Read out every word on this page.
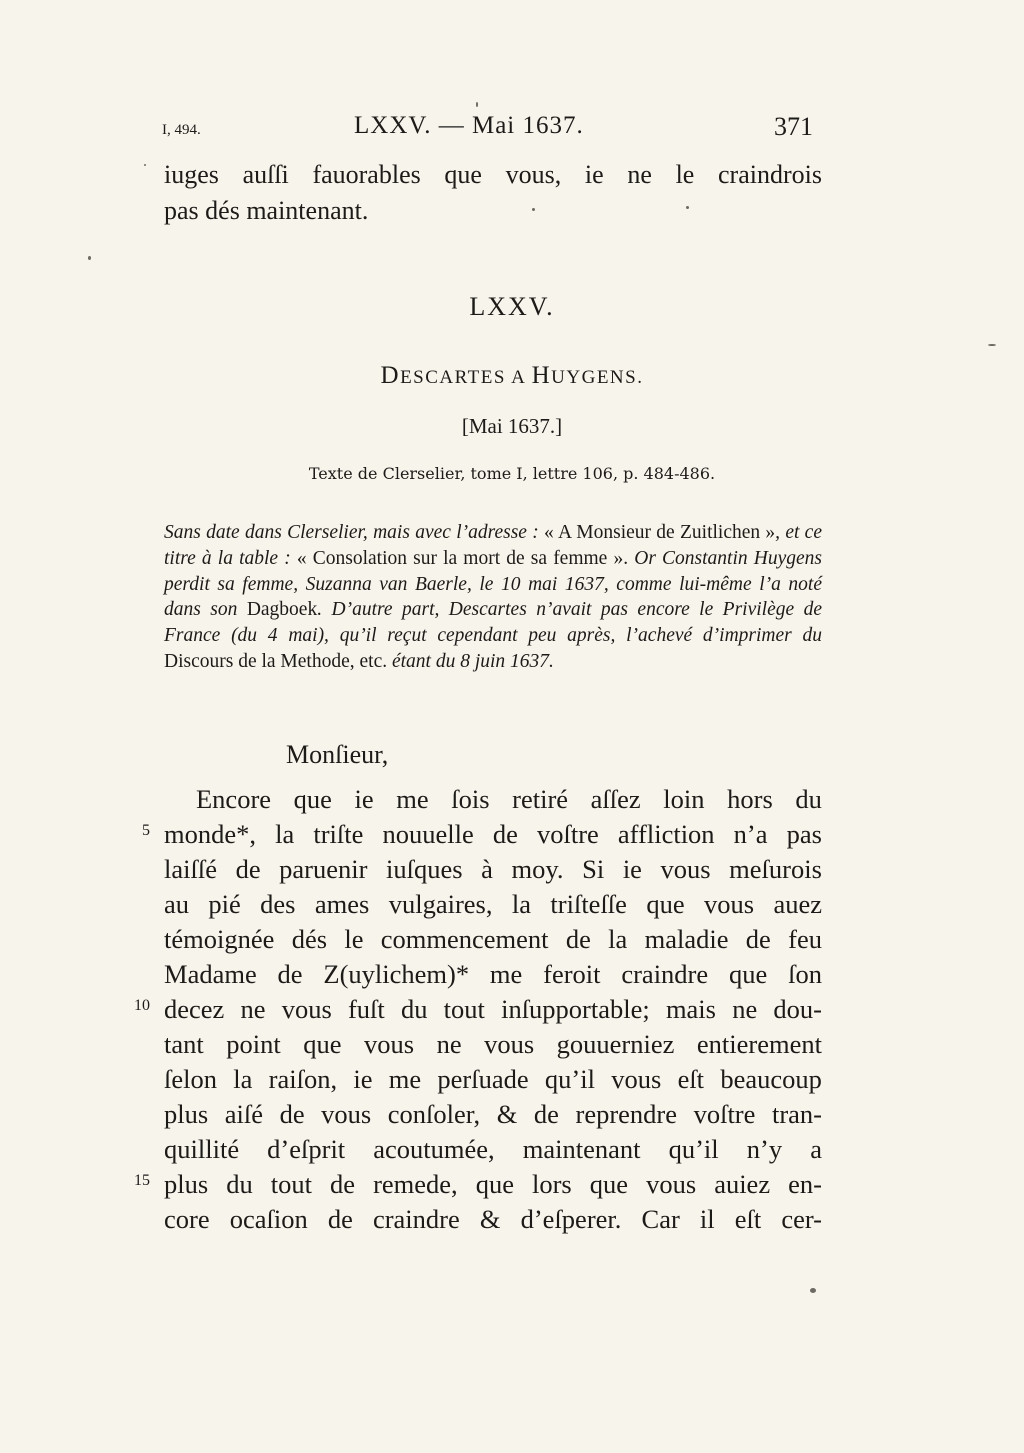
I, 494.	LXXV. — Mai 1637.	371
iuges auſſi fauorables que vous, ie ne le craindrois
pas dés maintenant.
LXXV.
DESCARTES A HUYGENS.
[Mai 1637.]
Texte de Clerselier, tome I, lettre 106, p. 484-486.
Sans date dans Clerselier, mais avec l’adresse : « A Monsieur de Zuitlichen », et ce titre à la table : « Consolation sur la mort de sa femme ». Or Constantin Huygens perdit sa femme, Suzanna van Baerle, le 10 mai 1637, comme lui-même l’a noté dans son Dagboek. D’autre part, Descartes n’avait pas encore le Privilège de France (du 4 mai), qu’il reçut cependant peu après, l’achevé d’imprimer du Discours de la Methode, etc. étant du 8 juin 1637.
Monſieur,
Encore que ie me ſois retiré aſſez loin hors du
monde*, la triſte nouuelle de voſtre affliction n’a pas
laiſſé de paruenir iuſques à moy. Si ie vous meſurois
au pié des ames vulgaires, la triſteſſe que vous auez
témoignée dés le commencement de la maladie de feu
Madame de Z(uylichem)* me feroit craindre que ſon
decez ne vous fuſt du tout inſupportable; mais ne dou-
tant point que vous ne vous gouuerniez entierement
ſelon la raiſon, ie me perſuade qu’il vous eſt beaucoup
plus aiſé de vous conſoler, & de reprendre voſtre tran-
quillité d’eſprit acoutumée, maintenant qu’il n’y a
plus du tout de remede, que lors que vous auiez en-
core ocaſion de craindre & d’eſperer. Car il eſt cer-
5
10
15
